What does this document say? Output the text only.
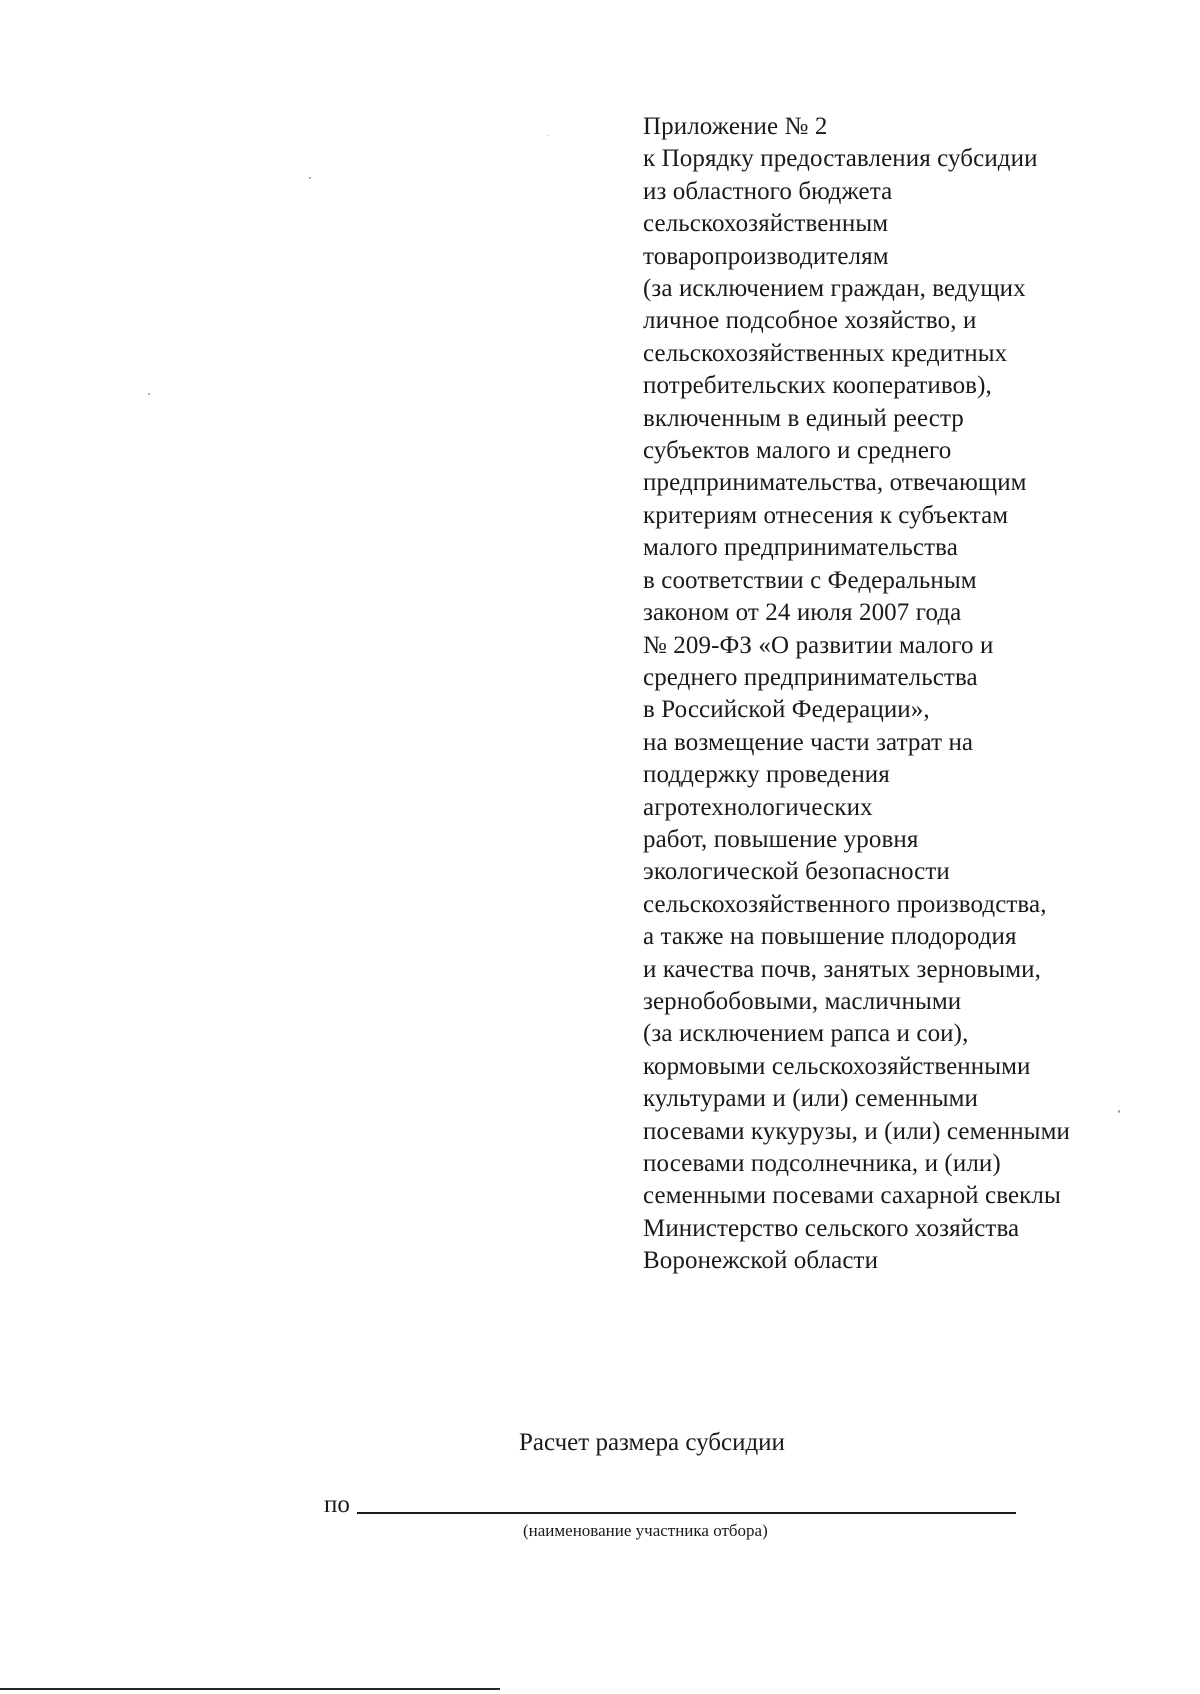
Приложение № 2
к Порядку предоставления субсидии
из областного бюджета
сельскохозяйственным
товаропроизводителям
(за исключением граждан, ведущих
личное подсобное хозяйство, и
сельскохозяйственных кредитных
потребительских кооперативов),
включенным в единый реестр
субъектов малого и среднего
предпринимательства, отвечающим
критериям отнесения к субъектам
малого предпринимательства
в соответствии с Федеральным
законом от 24 июля 2007 года
№ 209-ФЗ «О развитии малого и
среднего предпринимательства
в Российской Федерации»,
на возмещение части затрат на
поддержку проведения
агротехнологических
работ, повышение уровня
экологической безопасности
сельскохозяйственного производства,
а также на повышение плодородия
и качества почв, занятых зерновыми,
зернобобовыми, масличными
(за исключением рапса и сои),
кормовыми сельскохозяйственными
культурами и (или) семенными
посевами кукурузы, и (или) семенными
посевами подсолнечника, и (или)
семенными посевами сахарной свеклы
Министерство сельского хозяйства
Воронежской области
Расчет размера субсидии
по
(наименование участника отбора)
